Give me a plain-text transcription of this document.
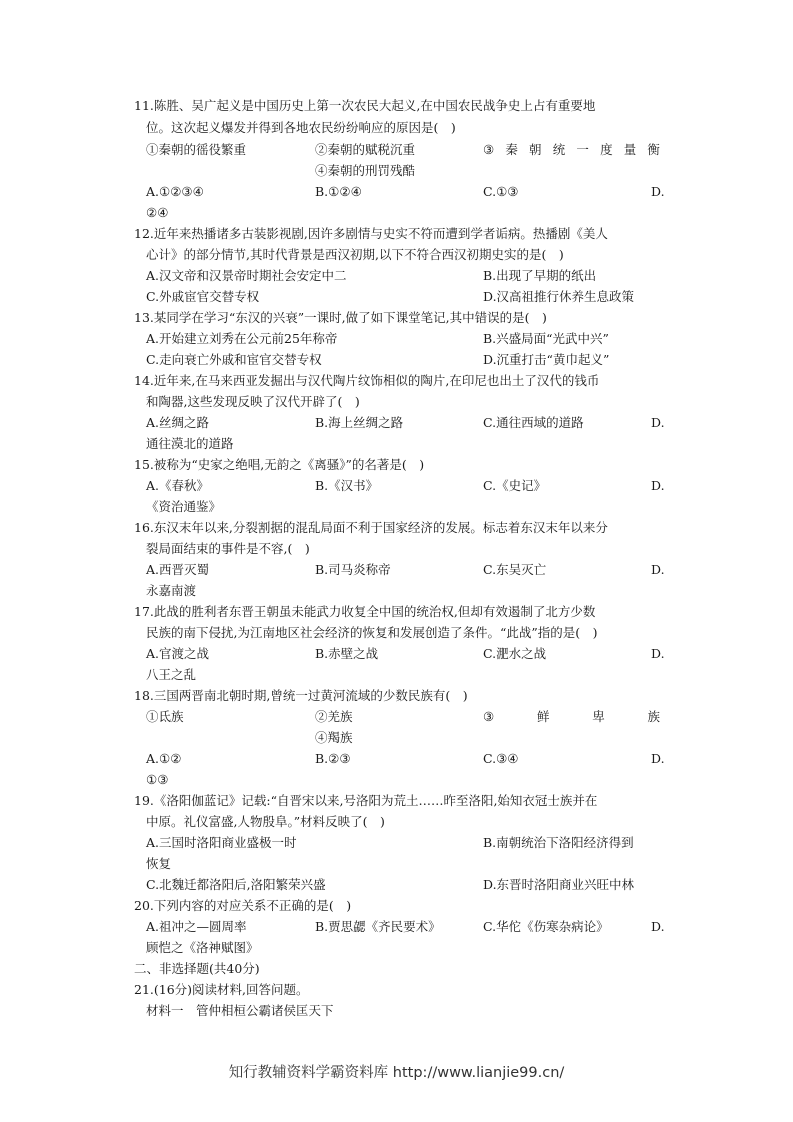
11.陈胜、吴广起义是中国历史上第一次农民大起义,在中国农民战争史上占有重要地
位。这次起义爆发并得到各地农民纷纷响应的原因是(　)
①秦朝的徭役繁重	②秦朝的赋税沉重	③ 秦 朝 统 一 度 量 衡
④秦朝的刑罚残酷
A.①②③④	B.①②④	C.①③	D.
②④
12.近年来热播诸多古装影视剧,因许多剧情与史实不符而遭到学者诟病。热播剧《美人
心计》的部分情节,其时代背景是西汉初期,以下不符合西汉初期史实的是(　)
A.汉文帝和汉景帝时期社会安定中二	B.出现了早期的纸出
C.外戚宦官交替专权	D.汉高祖推行休养生息政策
13.某同学在学习“东汉的兴衰”一课时,做了如下课堂笔记,其中错误的是(　)
A.开始建立刘秀在公元前25年称帝	B.兴盛局面“光武中兴”
C.走向衰亡外戚和宦官交替专权	D.沉重打击“黄巾起义”
14.近年来,在马来西亚发掘出与汉代陶片纹饰相似的陶片,在印尼也出土了汉代的钱币
和陶器,这些发现反映了汉代开辟了(　)
A.丝绸之路	B.海上丝绸之路	C.通往西域的道路	D.
通往漠北的道路
15.被称为“史家之绝唱,无韵之《离骚》”的名著是(　)
A.《春秋》	B.《汉书》	C.《史记》	D.
《资治通鉴》
16.东汉末年以来,分裂割据的混乱局面不利于国家经济的发展。标志着东汉末年以来分
裂局面结束的事件是不容,(　)
A.西晋灭蜀	B.司马炎称帝	C.东吴灭亡	D.
永嘉南渡
17.此战的胜利者东晋王朝虽未能武力收复全中国的统治权,但却有效遏制了北方少数
民族的南下侵扰,为江南地区社会经济的恢复和发展创造了条件。“此战”指的是(　)
A.官渡之战	B.赤壁之战	C.淝水之战	D.
八王之乱
18.三国两晋南北朝时期,曾统一过黄河流域的少数民族有(　)
①氐族	②羌族	③	鲜	卑	族
④羯族
A.①②	B.②③	C.③④	D.
①③
19.《洛阳伽蓝记》记载:“自晋宋以来,号洛阳为荒土……昨至洛阳,始知衣冠士族并在
中原。礼仪富盛,人物殷阜。”材料反映了(　)
A.三国时洛阳商业盛极一时	B.南朝统治下洛阳经济得到
恢复
C.北魏迁都洛阳后,洛阳繁荣兴盛	D.东晋时洛阳商业兴旺中林
20.下列内容的对应关系不正确的是(　)
A.祖冲之—圆周率	B.贾思勰《齐民要术》	C.华佗《伤寒杂病论》	D.
顾恺之《洛神赋图》
二、非选择题(共40分)
21.(16分)阅读材料,回答问题。
材料一　管仲相桓公霸诸侯匡天下
知行教辅资料学霸资料库 http://www.lianjie99.cn/
